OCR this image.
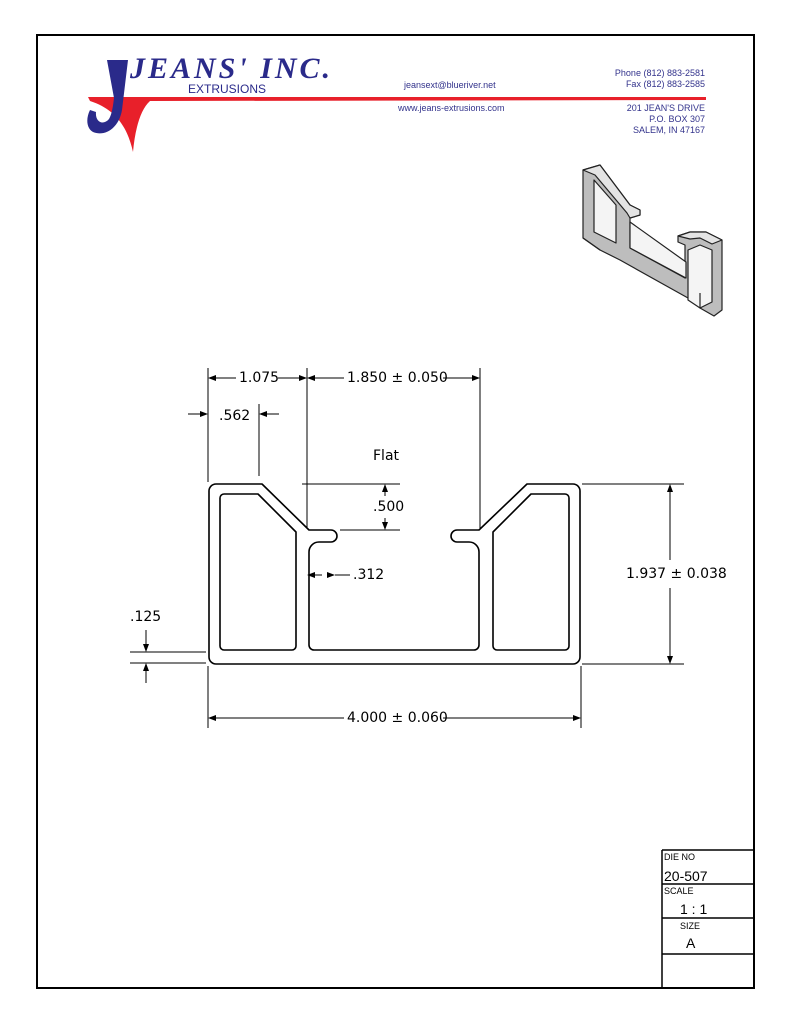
JEANS' INC.
EXTRUSIONS	jeansext@blueriver.net
www.jeans-extrusions.com
Phone (812) 883-2581
Fax (812) 883-2585
201 JEAN'S DRIVE
P.O. BOX 307
SALEM, IN 47167
1.075	1.850 ± 0.050
.562
Flat
.500
.312	1.937 ± 0.038
.125
4.000 ± 0.060
DIE NO
20-507
SCALE
1 : 1
SIZE
A
